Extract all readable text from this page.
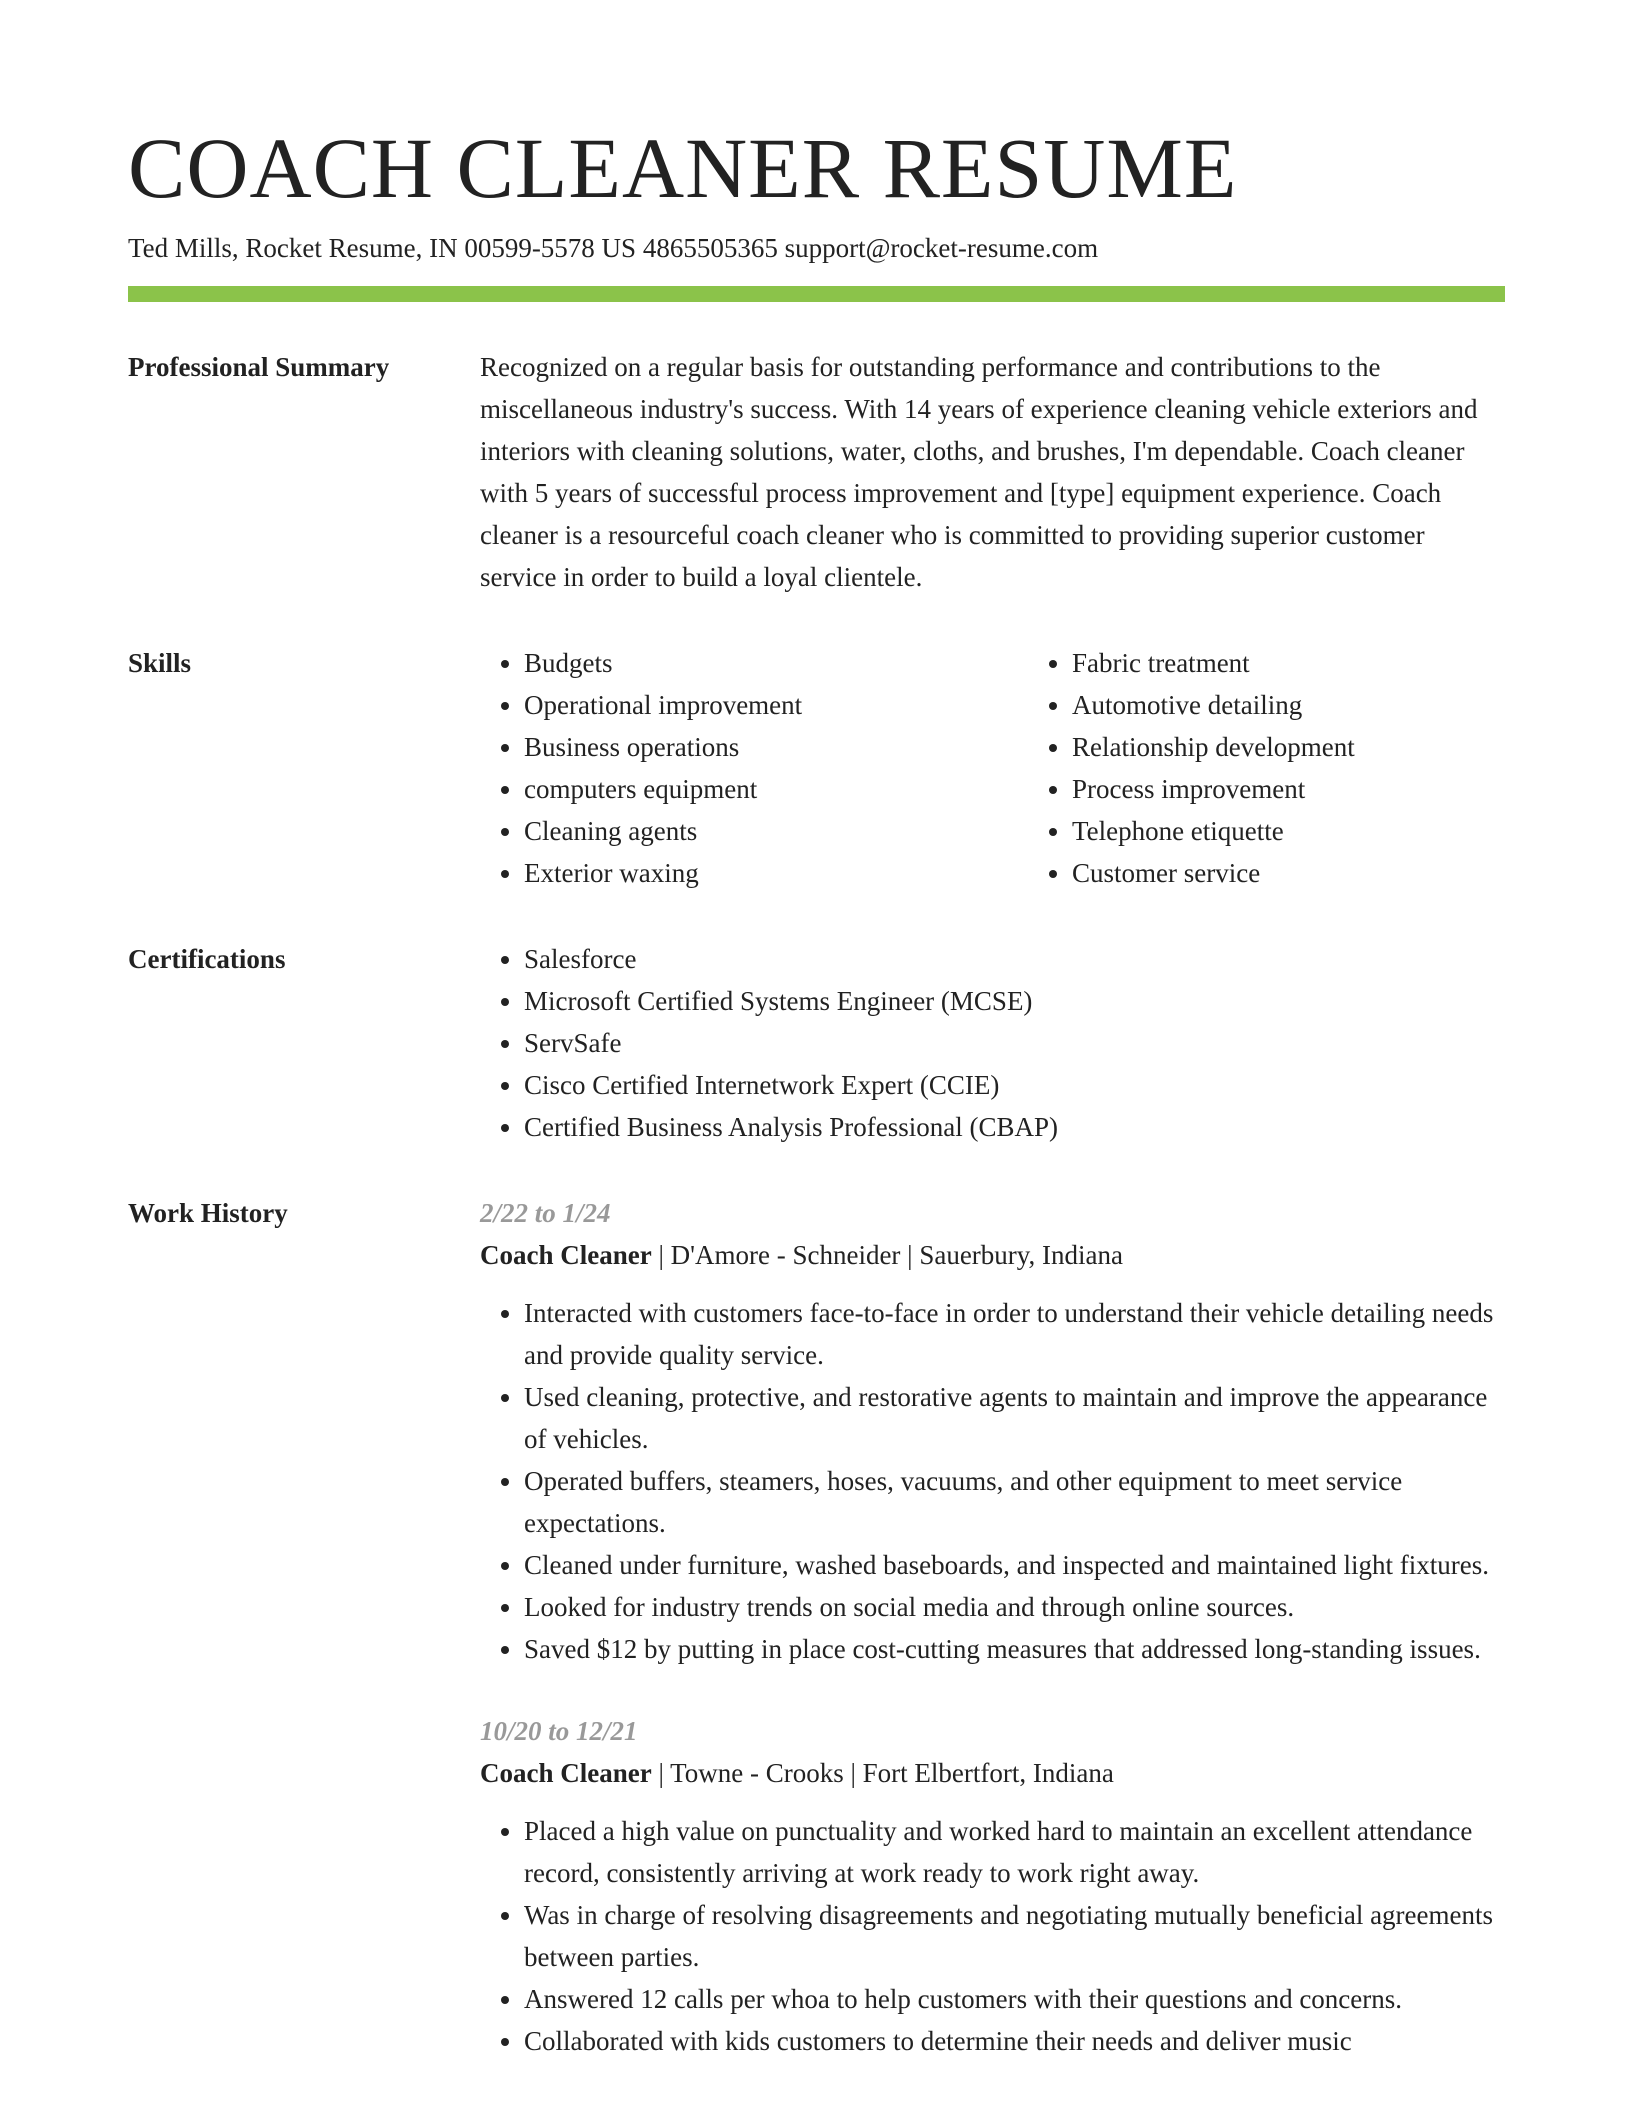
COACH CLEANER RESUME
Ted Mills, Rocket Resume, IN 00599-5578 US 4865505365 support@rocket-resume.com
Professional Summary	Recognized on a regular basis for outstanding performance and contributions to the miscellaneous industry's success. With 14 years of experience cleaning vehicle exteriors and interiors with cleaning solutions, water, cloths, and brushes, I'm dependable. Coach cleaner with 5 years of successful process improvement and [type] equipment experience. Coach cleaner is a resourceful coach cleaner who is committed to providing superior customer service in order to build a loyal clientele.

Skills	• Budgets
• Operational improvement
• Business operations
• computers equipment
• Cleaning agents
• Exterior waxing
• Fabric treatment
• Automotive detailing
• Relationship development
• Process improvement
• Telephone etiquette
• Customer service
Certifications	• Salesforce
• Microsoft Certified Systems Engineer (MCSE)
• ServSafe
• Cisco Certified Internetwork Expert (CCIE)
• Certified Business Analysis Professional (CBAP)
Work History	2/22 to 1/24
Coach Cleaner | D'Amore - Schneider | Sauerbury, Indiana
• Interacted with customers face-to-face in order to understand their vehicle detailing needs and provide quality service.
• Used cleaning, protective, and restorative agents to maintain and improve the appearance of vehicles.
• Operated buffers, steamers, hoses, vacuums, and other equipment to meet service expectations.
• Cleaned under furniture, washed baseboards, and inspected and maintained light fixtures.
• Looked for industry trends on social media and through online sources.
• Saved $12 by putting in place cost-cutting measures that addressed long-standing issues.
10/20 to 12/21
Coach Cleaner | Towne - Crooks | Fort Elbertfort, Indiana
• Placed a high value on punctuality and worked hard to maintain an excellent attendance record, consistently arriving at work ready to work right away.
• Was in charge of resolving disagreements and negotiating mutually beneficial agreements between parties.
• Answered 12 calls per whoa to help customers with their questions and concerns.
• Collaborated with kids customers to determine their needs and deliver music
